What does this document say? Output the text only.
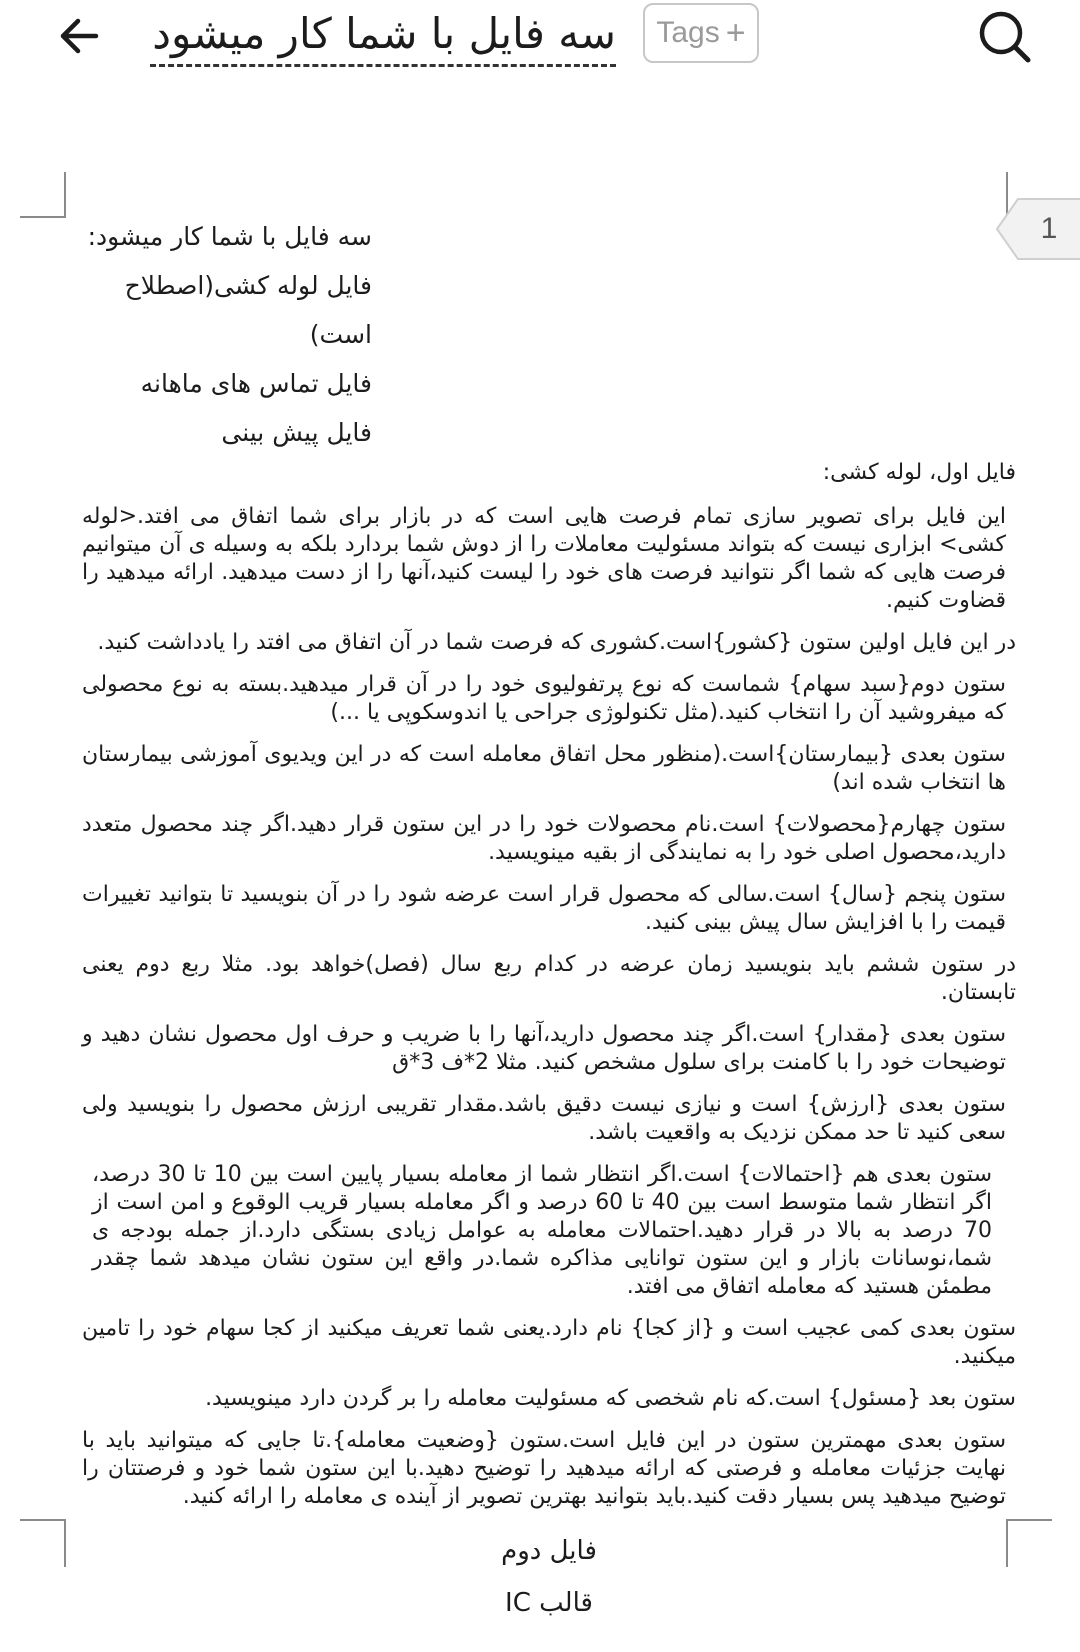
سه فایل با شما کار میشود Tags +
1
سه فایل با شما کار میشود:
فایل لوله کشی(اصطلاح است)
فایل تماس های ماهانه
فایل پیش بینی

فایل اول، لوله کشی:

این فایل برای تصویر سازی تمام فرصت هایی است که در بازار برای شما اتفاق می افتد.<لوله کشی> ابزاری نیست که بتواند مسئولیت معاملات را از دوش شما بردارد بلکه به وسیله ی آن میتوانیم فرصت هایی که شما اگر نتوانید فرصت های خود را لیست کنید،آنها را از دست میدهید. ارائه میدهید را قضاوت کنیم.

در این فایل اولین ستون {کشور}است.کشوری که فرصت شما در آن اتفاق می افتد را یادداشت کنید.

ستون دوم{سبد سهام} شماست که نوع پرتفولیوی خود را در آن قرار میدهید.بسته به نوع محصولی که میفروشید آن را انتخاب کنید.(مثل تکنولوژی جراحی یا اندوسکوپی یا ...)

ستون بعدی {بیمارستان}است.(منظور محل اتفاق معامله است که در این ویدیوی آموزشی بیمارستان ها انتخاب شده اند)

ستون چهارم{محصولات} است.نام محصولات خود را در این ستون قرار دهید.اگر چند محصول متعدد دارید،محصول اصلی خود را به نمایندگی از بقیه مینویسید.

ستون پنجم {سال} است.سالی که محصول قرار است عرضه شود را در آن بنویسید تا بتوانید تغییرات قیمت را با افزایش سال پیش بینی کنید.

در ستون ششم باید بنویسید زمان عرضه در کدام ربع سال (فصل)خواهد بود. مثلا ربع دوم یعنی تابستان.

ستون بعدی {مقدار} است.اگر چند محصول دارید،آنها را با ضریب و حرف اول محصول نشان دهید و توضیحات خود را با کامنت برای سلول مشخص کنید. مثلا 2*ف 3*ق

ستون بعدی {ارزش} است و نیازی نیست دقیق باشد.مقدار تقریبی ارزش محصول را بنویسید ولی سعی کنید تا حد ممکن نزدیک به واقعیت باشد.

ستون بعدی هم {احتمالات} است.اگر انتظار شما از معامله بسیار پایین است بین 10 تا 30 درصد، اگر انتظار شما متوسط است بین 40 تا 60 درصد و اگر معامله بسیار قریب الوقوع و امن است از 70 درصد به بالا در قرار دهید.احتمالات معامله به عوامل زیادی بستگی دارد.از جمله بودجه ی شما،نوسانات بازار و این ستون توانایی مذاکره شما.در واقع این ستون نشان میدهد شما چقدر مطمئن هستید که معامله اتفاق می افتد.

ستون بعدی کمی عجیب است و {از کجا} نام دارد.یعنی شما تعریف میکنید از کجا سهام خود را تامین میکنید.

ستون بعد {مسئول} است.که نام شخصی که مسئولیت معامله را بر گردن دارد مینویسید.

ستون بعدی مهمترین ستون در این فایل است.ستون {وضعیت معامله}.تا جایی که میتوانید باید با نهایت جزئیات معامله و فرصتی که ارائه میدهید را توضیح دهید.با این ستون شما خود و فرصتتان را توضیح میدهید پس بسیار دقت کنید.باید بتوانید بهترین تصویر از آینده ی معامله را ارائه کنید.

فایل دوم

قالب IC
